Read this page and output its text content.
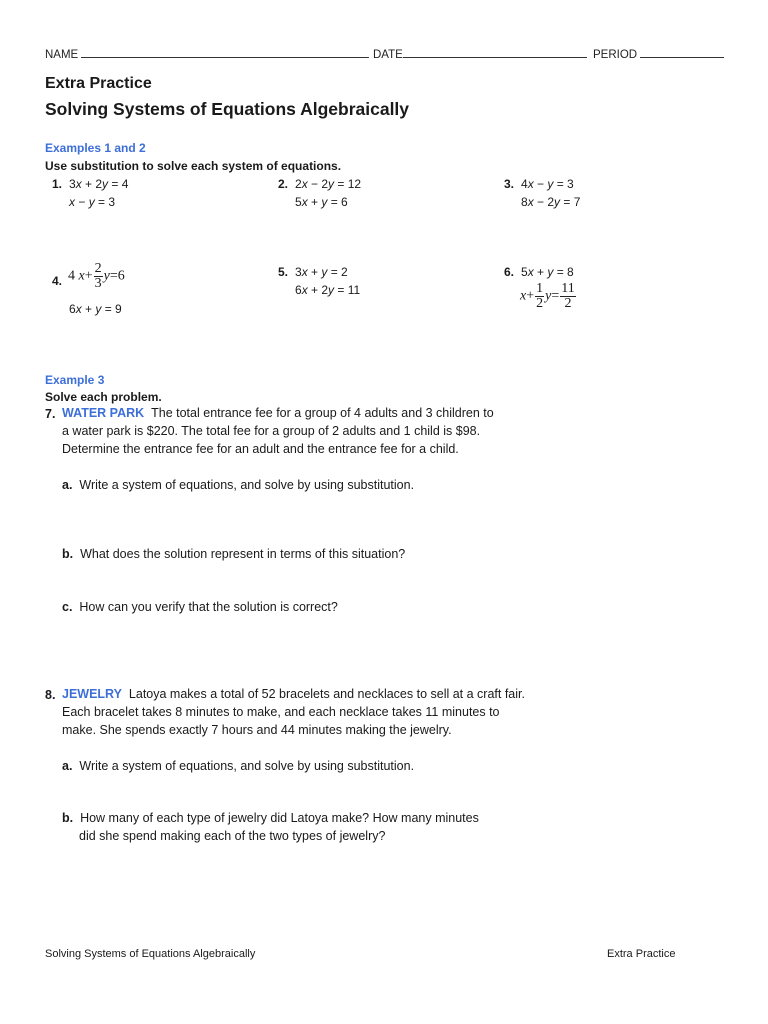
NAME	DATE	PERIOD
Extra Practice
Solving Systems of Equations Algebraically
Examples 1 and 2
Use substitution to solve each system of equations.
1. 3x + 2y = 4
x − y = 3
2. 2x − 2y = 12
5x + y = 6
3. 4x − y = 3
8x − 2y = 7
4. 4 $x+ \frac{2}{3} y=6$
6x + y = 9
5. 3x + y = 2
6x + 2y = 11
6. 5x + y = 8
$x+ \frac{1}{2} y= \frac{11}{2}$
Example 3
Solve each problem.
7. WATER PARK The total entrance fee for a group of 4 adults and 3 children to
a water park is $220. The total fee for a group of 2 adults and 1 child is $98.
Determine the entrance fee for an adult and the entrance fee for a child.
a. Write a system of equations, and solve by using substitution.
b. What does the solution represent in terms of this situation?
c. How can you verify that the solution is correct?
8. JEWELRY Latoya makes a total of 52 bracelets and necklaces to sell at a craft fair.
Each bracelet takes 8 minutes to make, and each necklace takes 11 minutes to
make. She spends exactly 7 hours and 44 minutes making the jewelry.
a. Write a system of equations, and solve by using substitution.
b. How many of each type of jewelry did Latoya make? How many minutes
did she spend making each of the two types of jewelry?
Solving Systems of Equations Algebraically	Extra Practice
